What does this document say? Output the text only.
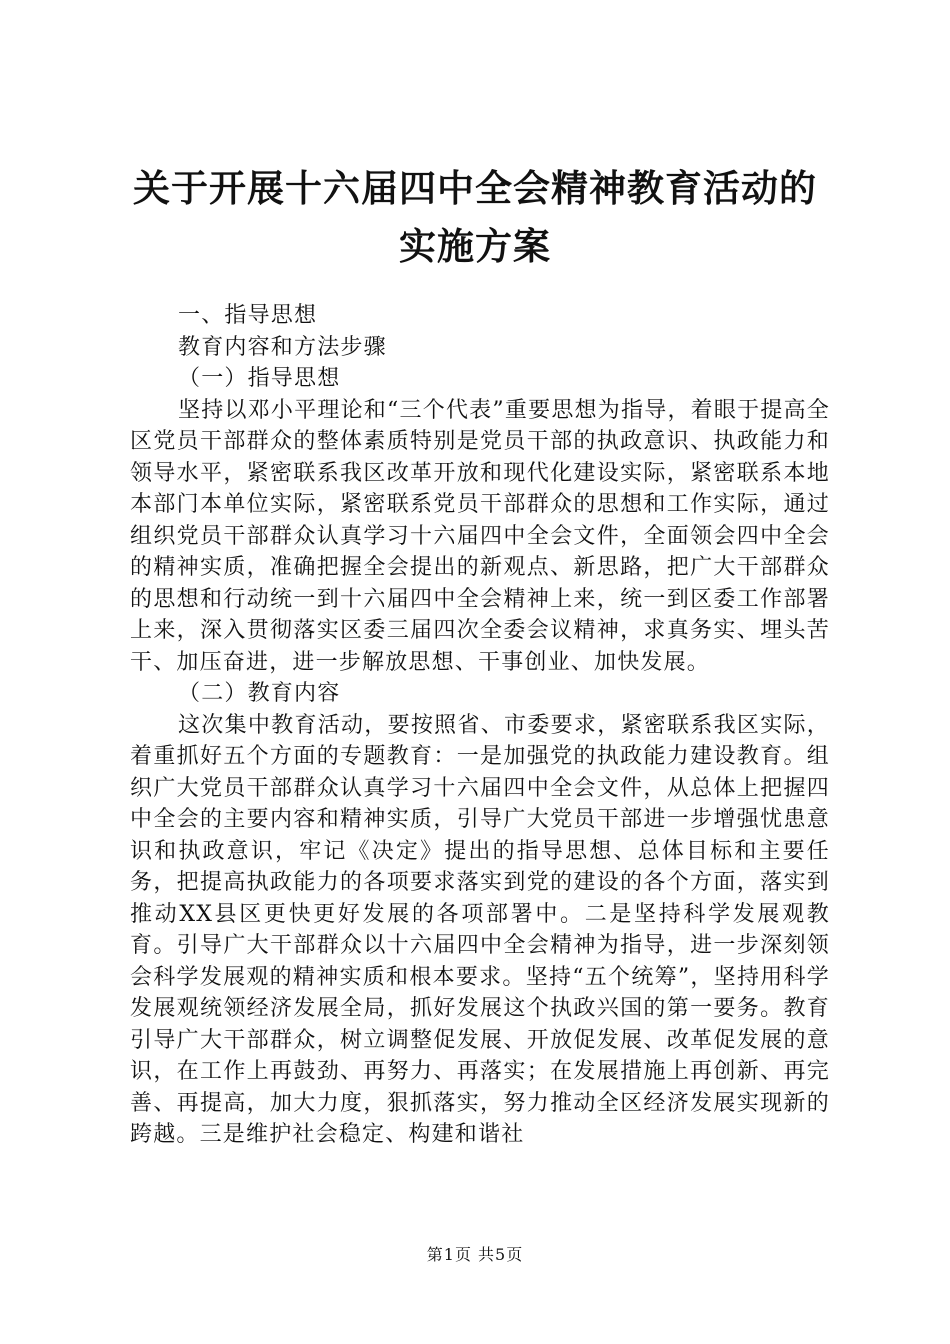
关于开展十六届四中全会精神教育活动的实施方案

一、指导思想

教育内容和方法步骤

（一）指导思想

坚持以邓小平理论和“三个代表”重要思想为指导，着眼于提高全区党员干部群众的整体素质特别是党员干部的执政意识、执政能力和领导水平，紧密联系我区改革开放和现代化建设实际，紧密联系本地本部门本单位实际，紧密联系党员干部群众的思想和工作实际，通过组织党员干部群众认真学习十六届四中全会文件，全面领会四中全会的精神实质，准确把握全会提出的新观点、新思路，把广大干部群众的思想和行动统一到十六届四中全会精神上来，统一到区委工作部署上来，深入贯彻落实区委三届四次全委会议精神，求真务实、埋头苦干、加压奋进，进一步解放思想、干事创业、加快发展。

（二）教育内容

这次集中教育活动，要按照省、市委要求，紧密联系我区实际，着重抓好五个方面的专题教育：一是加强党的执政能力建设教育。组织广大党员干部群众认真学习十六届四中全会文件，从总体上把握四中全会的主要内容和精神实质，引导广大党员干部进一步增强忧患意识和执政意识，牢记《决定》提出的指导思想、总体目标和主要任务，把提高执政能力的各项要求落实到党的建设的各个方面，落实到推动XX县区更快更好发展的各项部署中。二是坚持科学发展观教育。引导广大干部群众以十六届四中全会精神为指导，进一步深刻领会科学发展观的精神实质和根本要求。坚持“五个统筹”，坚持用科学发展观统领经济发展全局，抓好发展这个执政兴国的第一要务。教育引导广大干部群众，树立调整促发展、开放促发展、改革促发展的意识，在工作上再鼓劲、再努力、再落实；在发展措施上再创新、再完善、再提高，加大力度，狠抓落实，努力推动全区经济发展实现新的跨越。三是维护社会稳定、构建和谐社

第1页 共5页
